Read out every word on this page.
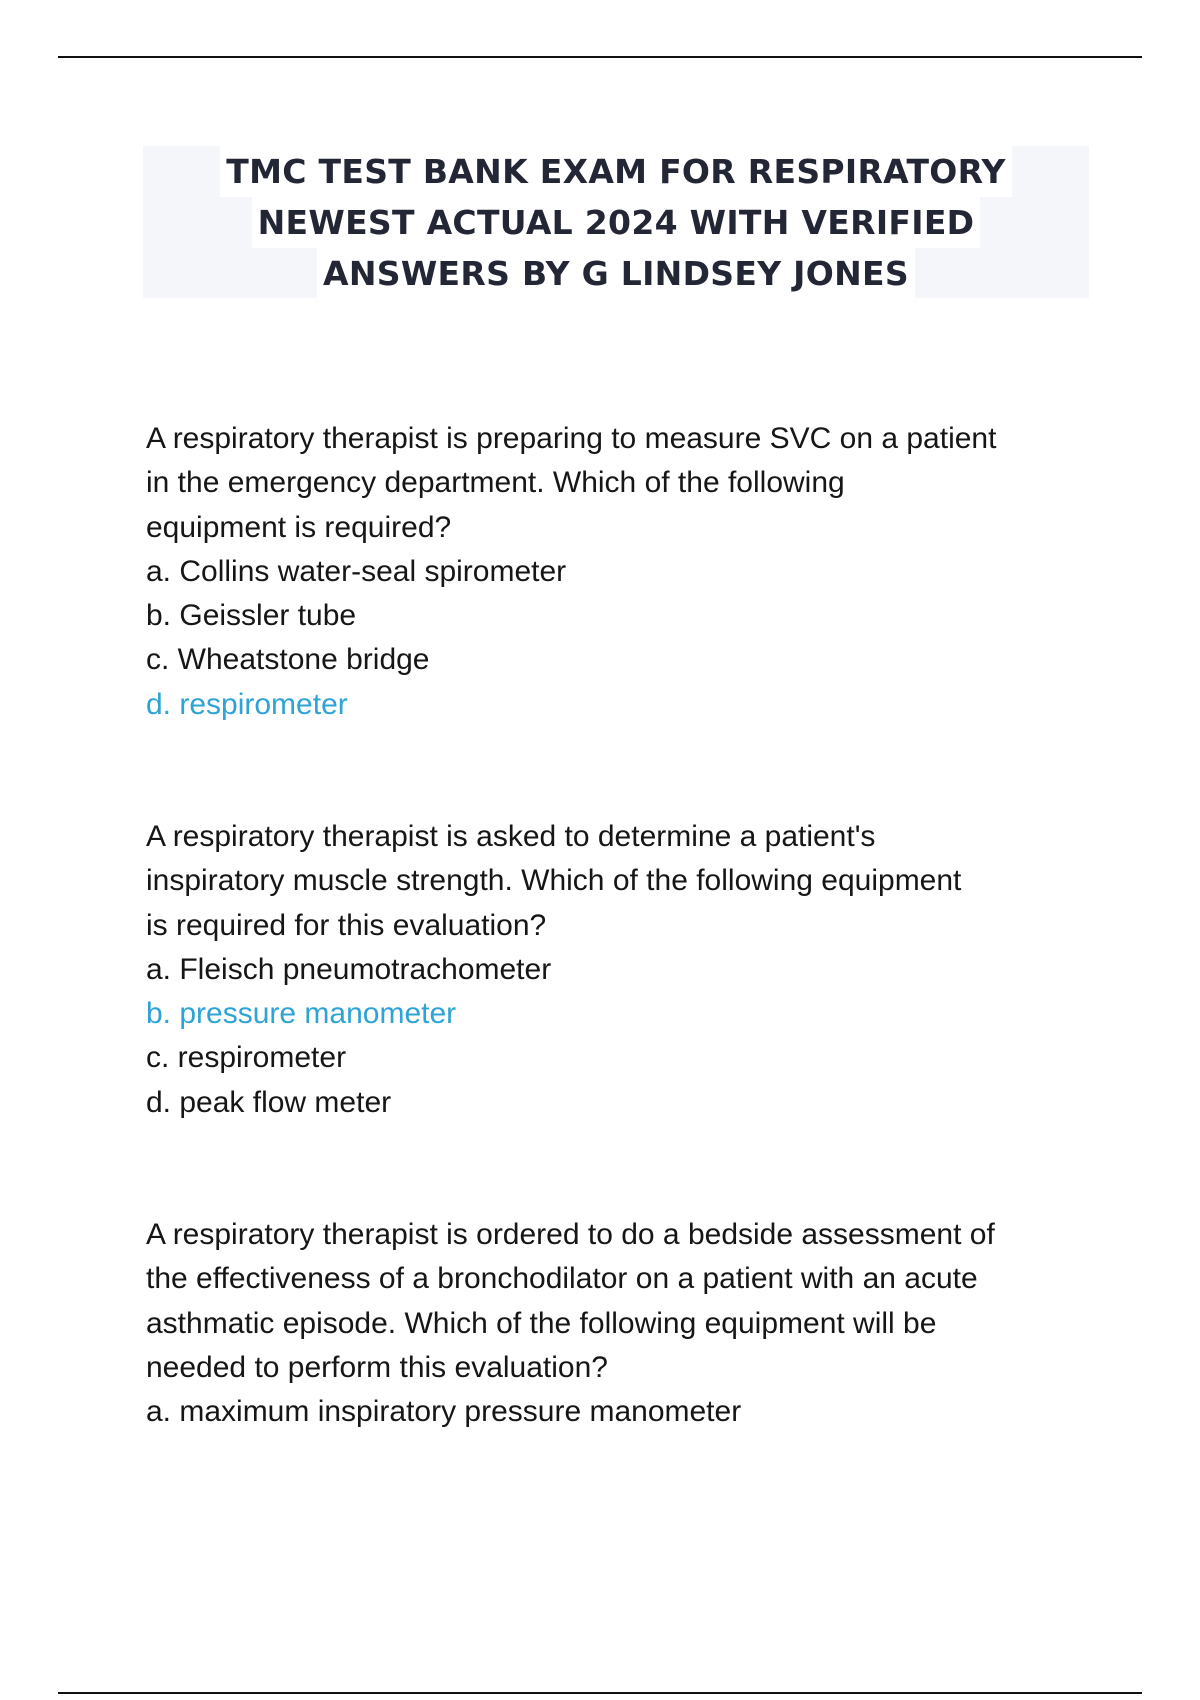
TMC TEST BANK EXAM FOR RESPIRATORY
NEWEST ACTUAL 2024 WITH VERIFIED
ANSWERS BY G LINDSEY JONES
A respiratory therapist is preparing to measure SVC on a patient
in the emergency department. Which of the following
equipment is required?
a. Collins water-seal spirometer
b. Geissler tube
c. Wheatstone bridge
d. respirometer
A respiratory therapist is asked to determine a patient's
inspiratory muscle strength. Which of the following equipment
is required for this evaluation?
a. Fleisch pneumotrachometer
b. pressure manometer
c. respirometer
d. peak flow meter
A respiratory therapist is ordered to do a bedside assessment of
the effectiveness of a bronchodilator on a patient with an acute
asthmatic episode. Which of the following equipment will be
needed to perform this evaluation?
a. maximum inspiratory pressure manometer
